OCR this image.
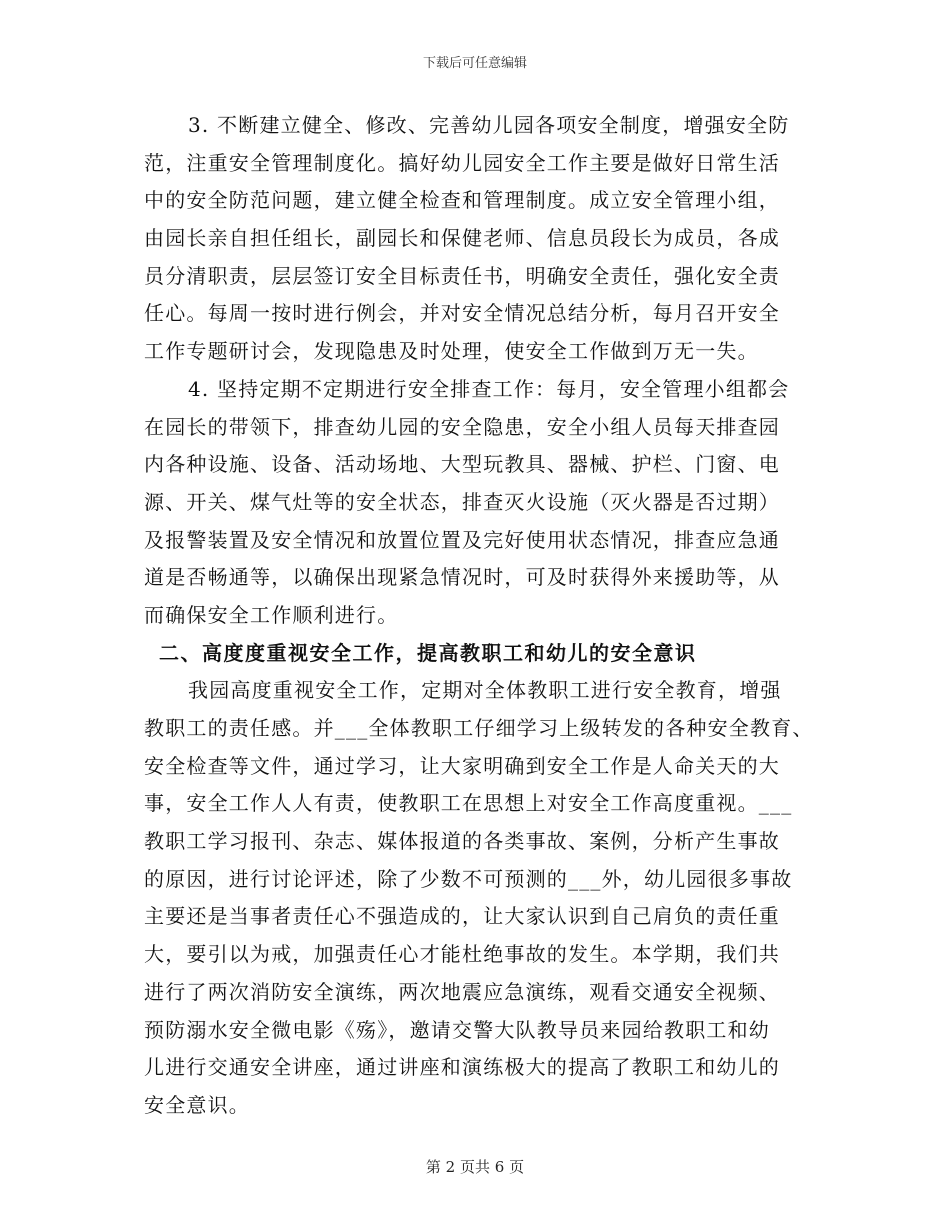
下载后可任意编辑
3. 不断建立健全、修改、完善幼儿园各项安全制度，增强安全防
范，注重安全管理制度化。搞好幼儿园安全工作主要是做好日常生活
中的安全防范问题，建立健全检查和管理制度。成立安全管理小组，
由园长亲自担任组长，副园长和保健老师、信息员段长为成员，各成
员分清职责，层层签订安全目标责任书，明确安全责任，强化安全责
任心。每周一按时进行例会，并对安全情况总结分析，每月召开安全
工作专题研讨会，发现隐患及时处理，使安全工作做到万无一失。
4. 坚持定期不定期进行安全排查工作：每月，安全管理小组都会
在园长的带领下，排查幼儿园的安全隐患，安全小组人员每天排查园
内各种设施、设备、活动场地、大型玩教具、器械、护栏、门窗、电
源、开关、煤气灶等的安全状态，排查灭火设施（灭火器是否过期）
及报警装置及安全情况和放置位置及完好使用状态情况，排查应急通
道是否畅通等，以确保出现紧急情况时，可及时获得外来援助等，从
而确保安全工作顺利进行。
二、高度度重视安全工作，提高教职工和幼儿的安全意识
我园高度重视安全工作，定期对全体教职工进行安全教育，增强
教职工的责任感。并___全体教职工仔细学习上级转发的各种安全教育、
安全检查等文件，通过学习，让大家明确到安全工作是人命关天的大
事，安全工作人人有责，使教职工在思想上对安全工作高度重视。___
教职工学习报刊、杂志、媒体报道的各类事故、案例，分析产生事故
的原因，进行讨论评述，除了少数不可预测的___外，幼儿园很多事故
主要还是当事者责任心不强造成的，让大家认识到自己肩负的责任重
大，要引以为戒，加强责任心才能杜绝事故的发生。本学期，我们共
进行了两次消防安全演练，两次地震应急演练，观看交通安全视频、
预防溺水安全微电影《殇》，邀请交警大队教导员来园给教职工和幼
儿进行交通安全讲座，通过讲座和演练极大的提高了教职工和幼儿的
安全意识。
第 2 页共 6 页
